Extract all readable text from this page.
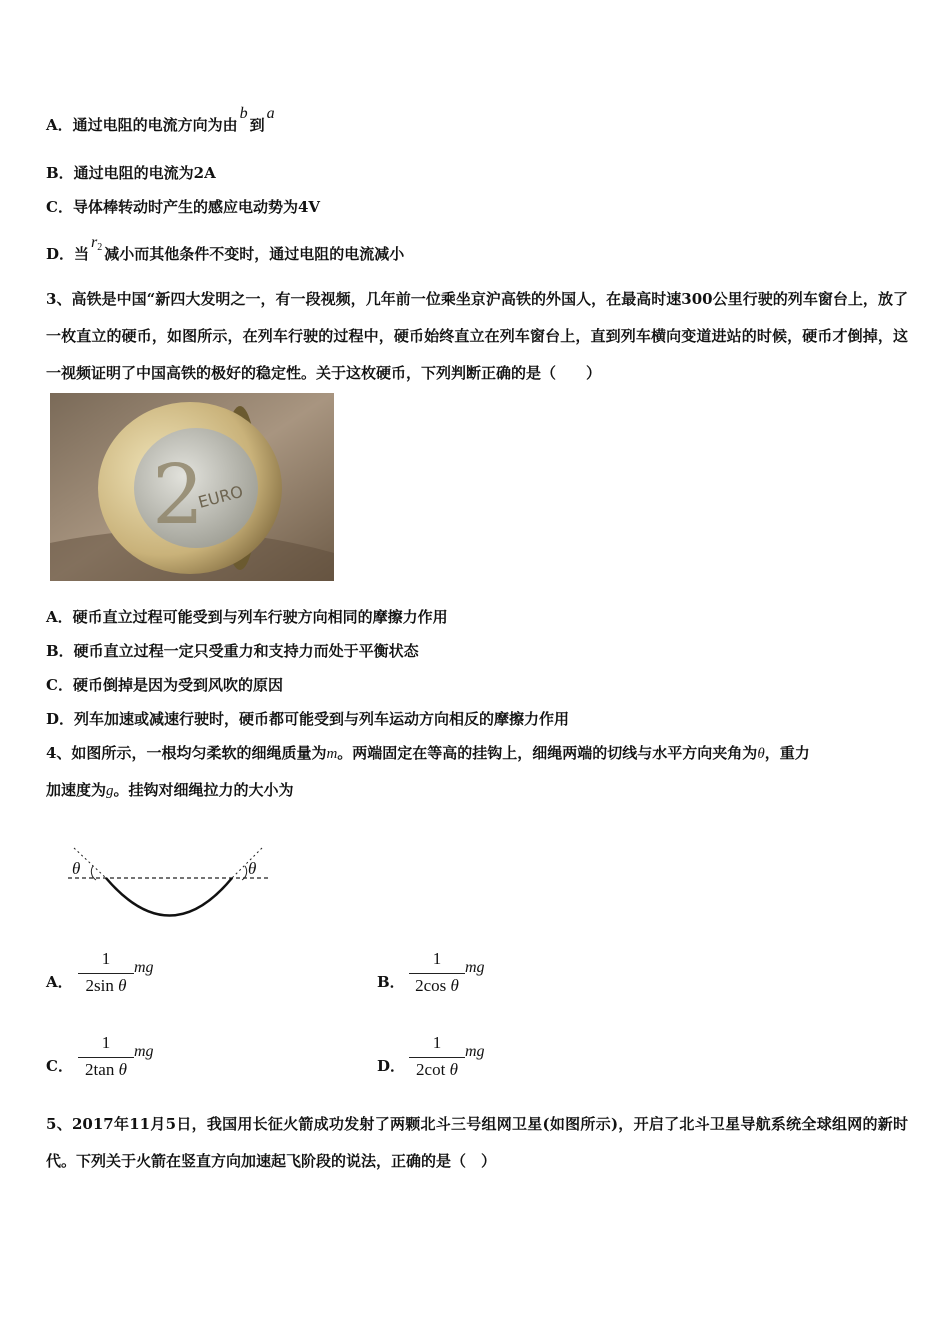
A．通过电阻的电流方向为由b到a
B．通过电阻的电流为2A
C．导体棒转动时产生的感应电动势为4V
D．当r2 减小而其他条件不变时，通过电阻的电流减小
3、高铁是中国“新四大发明之一，有一段视频，几年前一位乘坐京沪高铁的外国人，在最高时速300公里行驶的列车窗台上，放了一枚直立的硬币，如图所示，在列车行驶的过程中，硬币始终直立在列车窗台上，直到列车横向变道进站的时候，硬币才倒掉，这一视频证明了中国高铁的极好的稳定性。关于这枚硬币，下列判断正确的是（　　）
2
EURO
A．硬币直立过程可能受到与列车行驶方向相同的摩擦力作用
B．硬币直立过程一定只受重力和支持力而处于平衡状态
C．硬币倒掉是因为受到风吹的原因
D．列车加速或减速行驶时，硬币都可能受到与列车运动方向相反的摩擦力作用
4、如图所示，一根均匀柔软的细绳质量为m。两端固定在等高的挂钩上，细绳两端的切线与水平方向夹角为θ，重力
加速度为g。挂钩对细绳拉力的大小为
θ	θ
A．
1
2sin θ
mg
B．
1
2cos θ
mg
C．
1
2tan θ
mg
D．
1
2cot θ
mg
5、2017年11月5日，我国用长征火箭成功发射了两颗北斗三号组网卫星(如图所示)，开启了北斗卫星导航系统全球组网的新时代。下列关于火箭在竖直方向加速起飞阶段的说法，正确的是（　）
